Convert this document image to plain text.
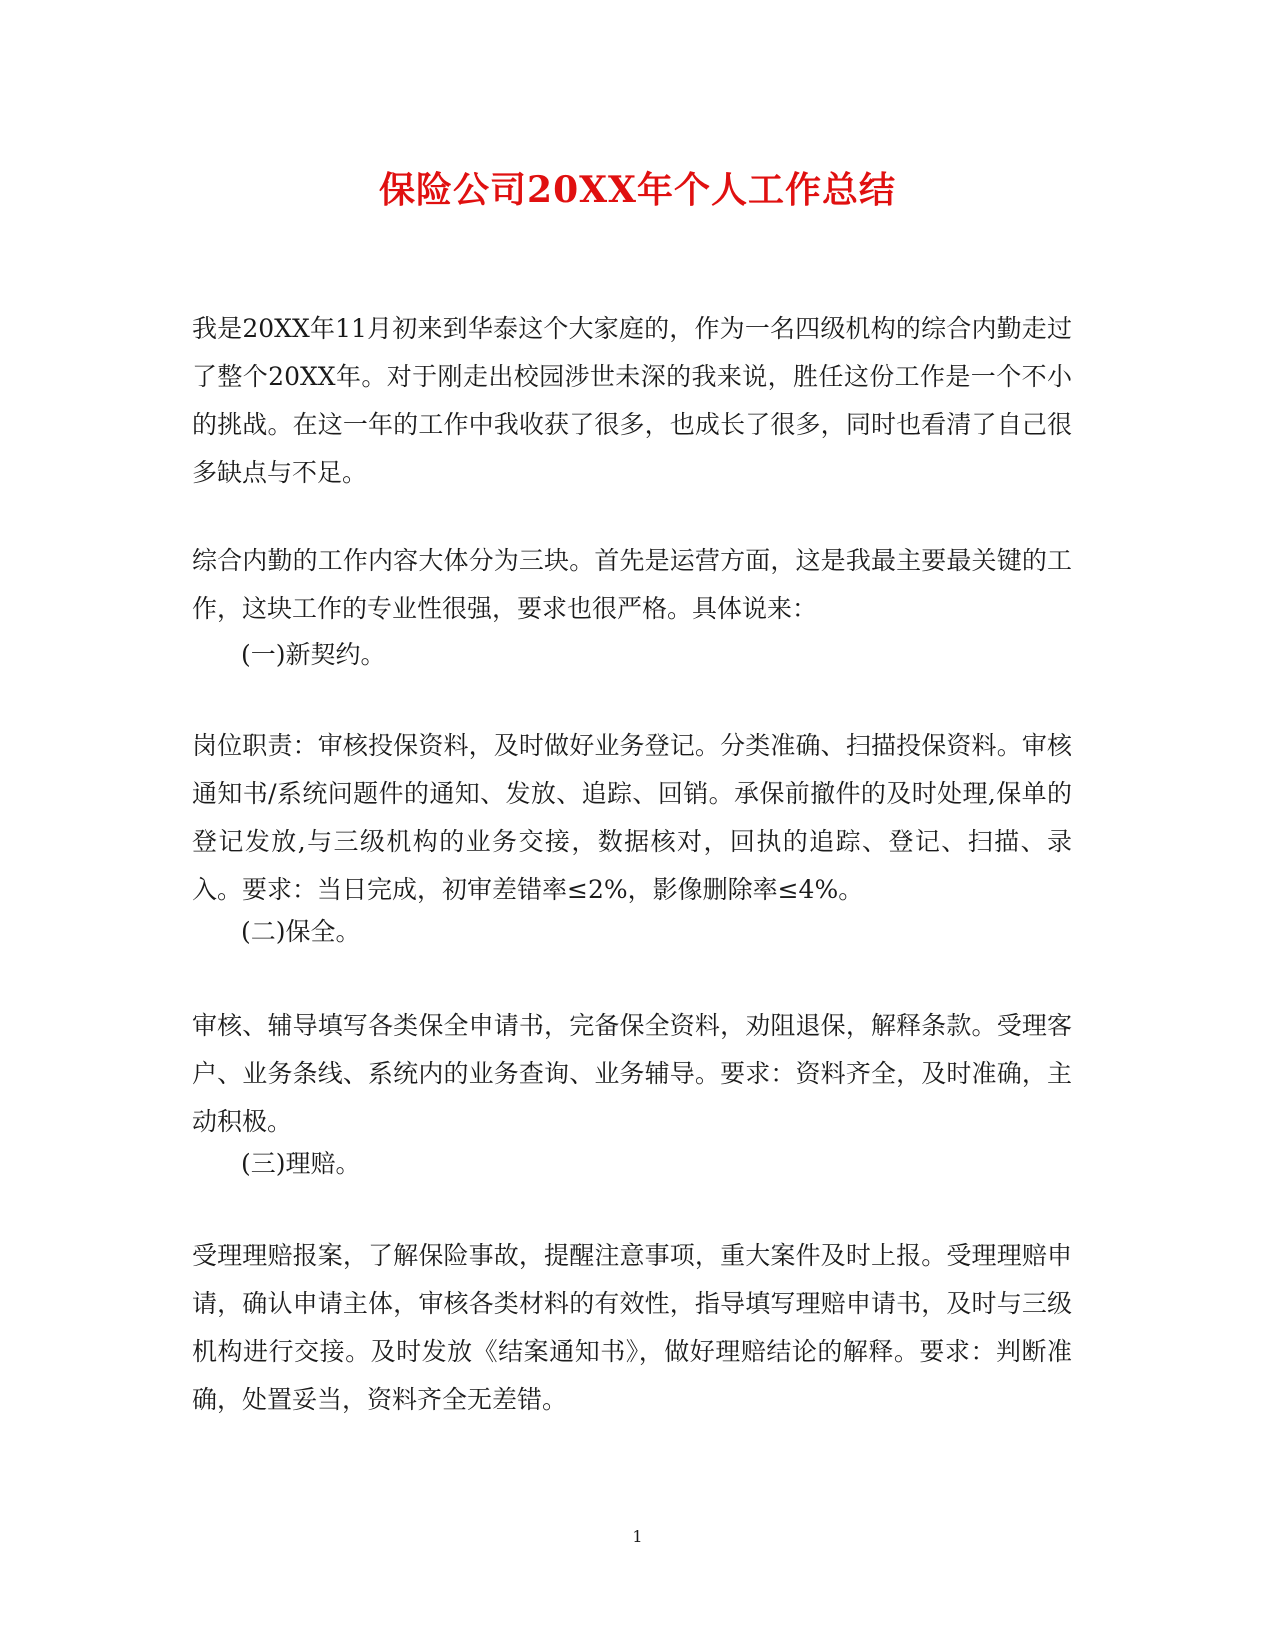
保险公司20XX年个人工作总结

我是20XX年11月初来到华泰这个大家庭的，作为一名四级机构的综合内勤走过了整个20XX年。对于刚走出校园涉世未深的我来说，胜任这份工作是一个不小的挑战。在这一年的工作中我收获了很多，也成长了很多，同时也看清了自己很多缺点与不足。

综合内勤的工作内容大体分为三块。首先是运营方面，这是我最主要最关键的工作，这块工作的专业性很强，要求也很严格。具体说来：

(一)新契约。

岗位职责：审核投保资料，及时做好业务登记。分类准确、扫描投保资料。审核通知书/系统问题件的通知、发放、追踪、回销。承保前撤件的及时处理,保单的登记发放,与三级机构的业务交接，数据核对，回执的追踪、登记、扫描、录入。要求：当日完成，初审差错率≤2%，影像删除率≤4%。

(二)保全。

审核、辅导填写各类保全申请书，完备保全资料，劝阻退保，解释条款。受理客户、业务条线、系统内的业务查询、业务辅导。要求：资料齐全，及时准确，主动积极。

(三)理赔。

受理理赔报案，了解保险事故，提醒注意事项，重大案件及时上报。受理理赔申请，确认申请主体，审核各类材料的有效性，指导填写理赔申请书，及时与三级机构进行交接。及时发放《结案通知书》，做好理赔结论的解释。要求：判断准确，处置妥当，资料齐全无差错。

1
